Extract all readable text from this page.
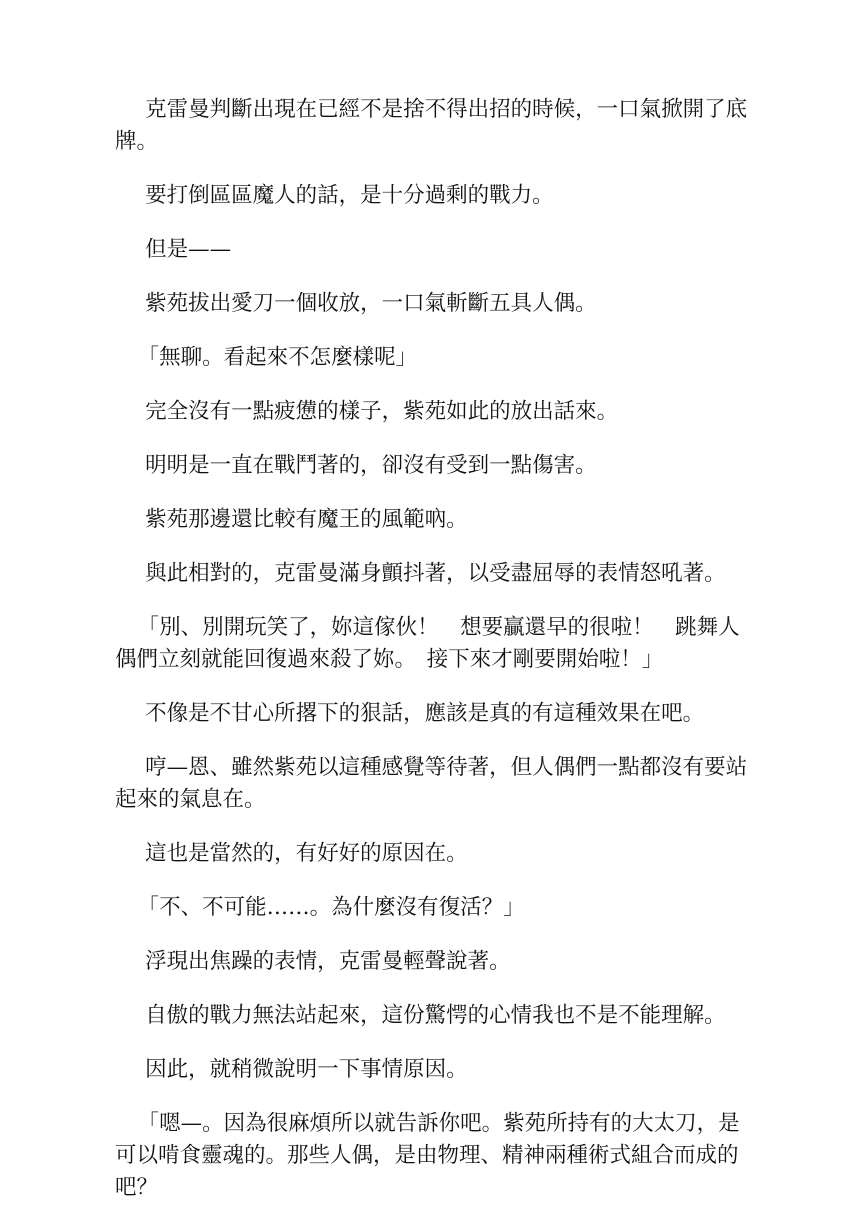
克雷曼判斷出現在已經不是捨不得出招的時候，一口氣掀開了底牌。

要打倒區區魔人的話，是十分過剩的戰力。

但是——

紫苑拔出愛刀一個收放，一口氣斬斷五具人偶。

「無聊。看起來不怎麼樣呢」

完全沒有一點疲憊的樣子，紫苑如此的放出話來。

明明是一直在戰鬥著的，卻沒有受到一點傷害。

紫苑那邊還比較有魔王的風範吶。

與此相對的，克雷曼滿身顫抖著，以受盡屈辱的表情怒吼著。

「別、別開玩笑了，妳這傢伙！　想要贏還早的很啦！　跳舞人偶們立刻就能回復過來殺了妳。　接下來才剛要開始啦！」

不像是不甘心所撂下的狠話，應該是真的有這種效果在吧。

哼—恩、雖然紫苑以這種感覺等待著，但人偶們一點都沒有要站起來的氣息在。

這也是當然的，有好好的原因在。

「不、不可能……。為什麼沒有復活？」

浮現出焦躁的表情，克雷曼輕聲說著。

自傲的戰力無法站起來，這份驚愕的心情我也不是不能理解。

因此，就稍微說明一下事情原因。

「嗯—。因為很麻煩所以就告訴你吧。紫苑所持有的大太刀，是可以啃食靈魂的。那些人偶，是由物理、精神兩種術式組合而成的吧？
